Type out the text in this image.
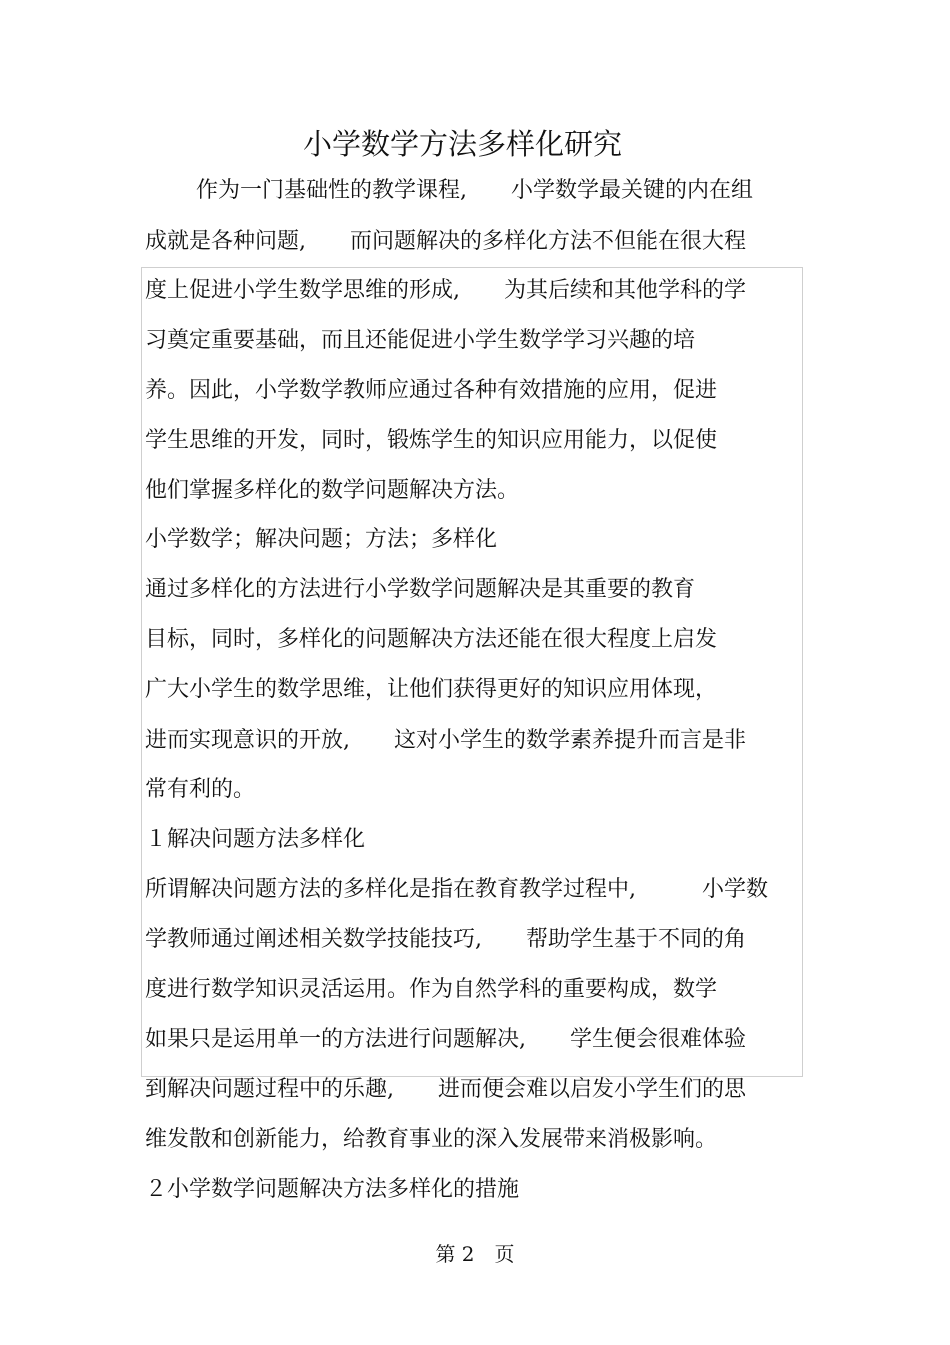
小学数学方法多样化研究
作为一门基础性的教学课程,　　小学数学最关键的内在组
成就是各种问题,　　而问题解决的多样化方法不但能在很大程
度上促进小学生数学思维的形成,　　为其后续和其他学科的学
习奠定重要基础，而且还能促进小学生数学学习兴趣的培
养。因此，小学数学教师应通过各种有效措施的应用，促进
学生思维的开发，同时，锻炼学生的知识应用能力，以促使
他们掌握多样化的数学问题解决方法。
小学数学；解决问题；方法；多样化
通过多样化的方法进行小学数学问题解决是其重要的教育
目标，同时，多样化的问题解决方法还能在很大程度上启发
广大小学生的数学思维，让他们获得更好的知识应用体现，
进而实现意识的开放,　　这对小学生的数学素养提升而言是非
常有利的。
１解决问题方法多样化
所谓解决问题方法的多样化是指在教育教学过程中,　　　小学数
学教师通过阐述相关数学技能技巧,　　帮助学生基于不同的角
度进行数学知识灵活运用。作为自然学科的重要构成，数学
如果只是运用单一的方法进行问题解决,　　学生便会很难体验
到解决问题过程中的乐趣,　　进而便会难以启发小学生们的思
维发散和创新能力，给教育事业的深入发展带来消极影响。
２小学数学问题解决方法多样化的措施
第 2　页
